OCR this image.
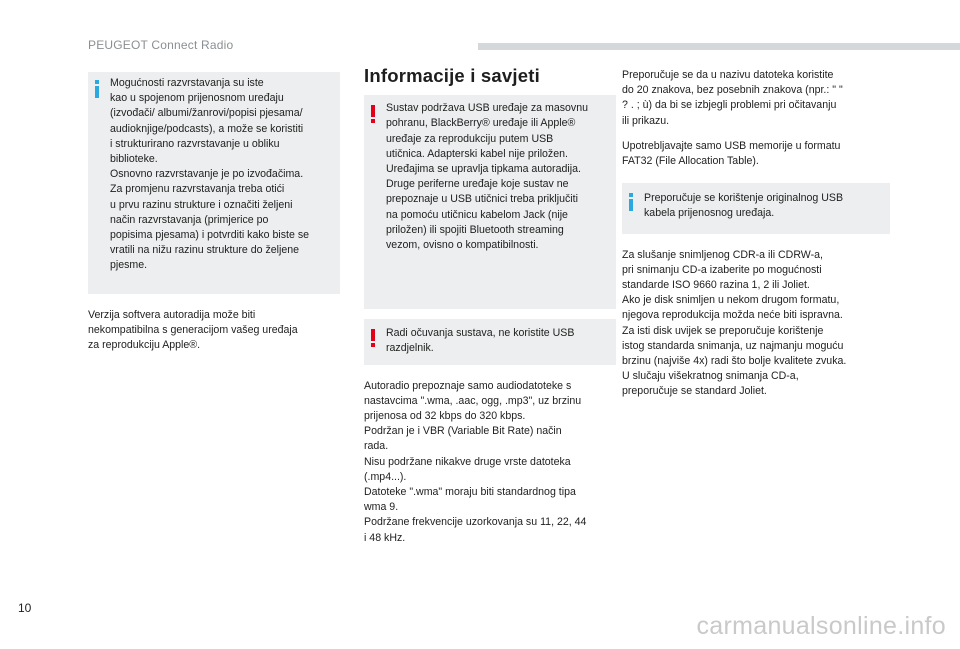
PEUGEOT Connect Radio

Mogućnosti razvrstavanja su iste
kao u spojenom prijenosnom uređaju
(izvođači/ albumi/žanrovi/popisi pjesama/
audioknjige/podcasts), a može se koristiti
i strukturirano razvrstavanje u obliku
biblioteke.
Osnovno razvrstavanje je po izvođačima.
Za promjenu razvrstavanja treba otići
u prvu razinu strukture i označiti željeni
način razvrstavanja (primjerice po
popisima pjesama) i potvrditi kako biste se
vratili na nižu razinu strukture do željene
pjesme.

Verzija softvera autoradija može biti
nekompatibilna s generacijom vašeg uređaja
za reprodukciju Apple®.

Informacije i savjeti

Sustav podržava USB uređaje za masovnu
pohranu, BlackBerry® uređaje ili Apple®
uređaje za reprodukciju putem USB
utičnica. Adapterski kabel nije priložen.
Uređajima se upravlja tipkama autoradija.
Druge periferne uređaje koje sustav ne
prepoznaje u USB utičnici treba priključiti
na pomoću utičnicu kabelom Jack (nije
priložen) ili spojiti Bluetooth streaming
vezom, ovisno o kompatibilnosti.

Radi očuvanja sustava, ne koristite USB
razdjelnik.

Autoradio prepoznaje samo audiodatoteke s
nastavcima ".wma, .aac, ogg, .mp3", uz brzinu
prijenosa od 32 kbps do 320 kbps.
Podržan je i VBR (Variable Bit Rate) način
rada.
Nisu podržane nikakve druge vrste datoteka
(.mp4...).
Datoteke ".wma" moraju biti standardnog tipa
wma 9.
Podržane frekvencije uzorkovanja su 11, 22, 44
i 48 kHz.

Preporučuje se da u nazivu datoteka koristite
do 20 znakova, bez posebnih znakova (npr.: " "
? . ; ù) da bi se izbjegli problemi pri očitavanju
ili prikazu.

Upotrebljavajte samo USB memorije u formatu
FAT32 (File Allocation Table).

Preporučuje se korištenje originalnog USB
kabela prijenosnog uređaja.

Za slušanje snimljenog CDR-a ili CDRW-a,
pri snimanju CD-a izaberite po mogućnosti
standarde ISO 9660 razina 1, 2 ili Joliet.
Ako je disk snimljen u nekom drugom formatu,
njegova reprodukcija možda neće biti ispravna.
Za isti disk uvijek se preporučuje korištenje
istog standarda snimanja, uz najmanju moguću
brzinu (najviše 4x) radi što bolje kvalitete zvuka.
U slučaju višekratnog snimanja CD-a,
preporučuje se standard Joliet.

10
carmanualsonline.info
